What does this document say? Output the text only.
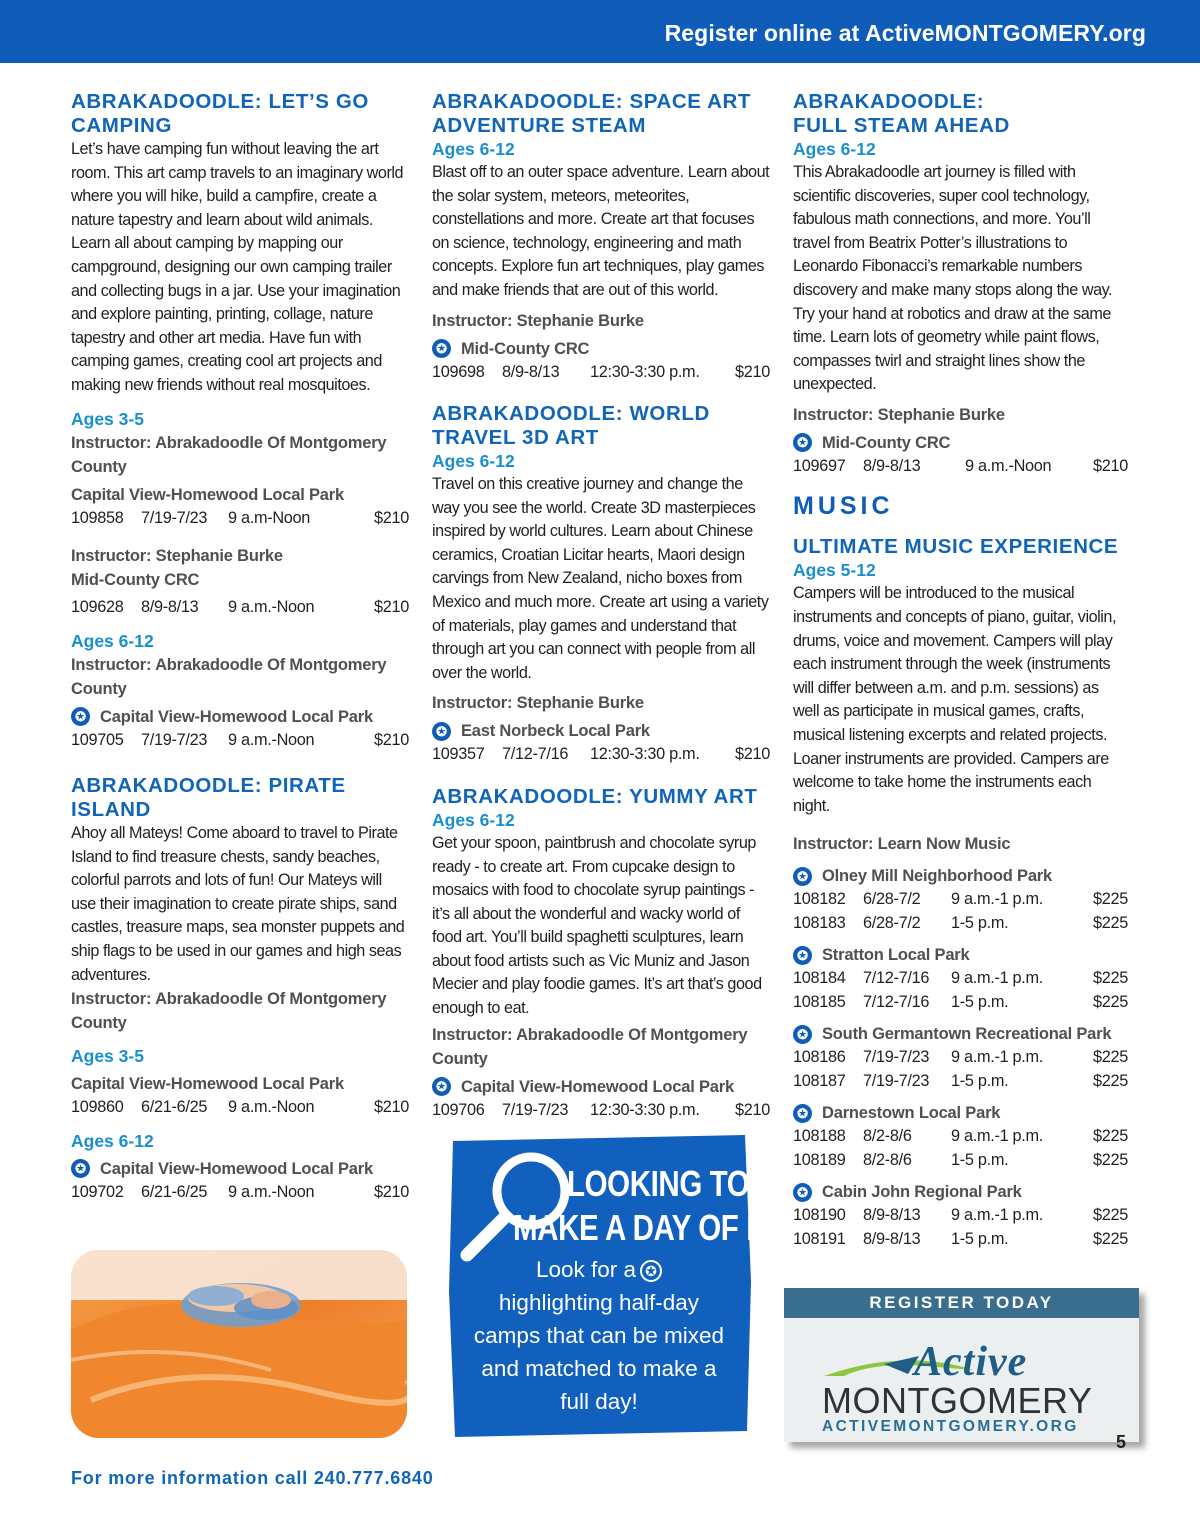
Register online at ActiveMONTGOMERY.org
ABRAKADOODLE: LET’S GO CAMPING
Let’s have camping fun without leaving the art room. This art camp travels to an imaginary world where you will hike, build a campfire, create a nature tapestry and learn about wild animals. Learn all about camping by mapping our campground, designing our own camping trailer and collecting bugs in a jar. Use your imagination and explore painting, printing, collage, nature tapestry and other art media. Have fun with camping games, creating cool art projects and making new friends without real mosquitoes.
Ages 3-5
Instructor: Abrakadoodle Of Montgomery County
Capital View-Homewood Local Park
109858	7/19-7/23	9 a.m-Noon	$210
Instructor: Stephanie Burke
Mid-County CRC
109628	8/9-8/13	9 a.m.-Noon	$210
Ages 6-12
Instructor: Abrakadoodle Of Montgomery County
✪ Capital View-Homewood Local Park
109705	7/19-7/23	9 a.m.-Noon	$210
ABRAKADOODLE: PIRATE ISLAND
Ahoy all Mateys! Come aboard to travel to Pirate Island to find treasure chests, sandy beaches, colorful parrots and lots of fun! Our Mateys will use their imagination to create pirate ships, sand castles, treasure maps, sea monster puppets and ship flags to be used in our games and high seas adventures.
Instructor: Abrakadoodle Of Montgomery County
Ages 3-5
Capital View-Homewood Local Park
109860	6/21-6/25	9 a.m.-Noon	$210
Ages 6-12
✪ Capital View-Homewood Local Park
109702	6/21-6/25	9 a.m.-Noon	$210
ABRAKADOODLE: SPACE ART ADVENTURE STEAM
Ages 6-12
Blast off to an outer space adventure. Learn about the solar system, meteors, meteorites, constellations and more. Create art that focuses on science, technology, engineering and math concepts. Explore fun art techniques, play games and make friends that are out of this world.
Instructor: Stephanie Burke
✪ Mid-County CRC
109698	8/9-8/13	12:30-3:30 p.m.	$210
ABRAKADOODLE: WORLD TRAVEL 3D ART
Ages 6-12
Travel on this creative journey and change the way you see the world. Create 3D masterpieces inspired by world cultures. Learn about Chinese ceramics, Croatian Licitar hearts, Maori design carvings from New Zealand, nicho boxes from Mexico and much more. Create art using a variety of materials, play games and understand that through art you can connect with people from all over the world.
Instructor: Stephanie Burke
✪ East Norbeck Local Park
109357	7/12-7/16	12:30-3:30 p.m.	$210
ABRAKADOODLE: YUMMY ART
Ages 6-12
Get your spoon, paintbrush and chocolate syrup ready - to create art. From cupcake design to mosaics with food to chocolate syrup paintings - it’s all about the wonderful and wacky world of food art. You’ll build spaghetti sculptures, learn about food artists such as Vic Muniz and Jason Mecier and play foodie games. It’s art that’s good enough to eat.
Instructor: Abrakadoodle Of Montgomery County
✪ Capital View-Homewood Local Park
109706	7/19-7/23	12:30-3:30 p.m.	$210
ABRAKADOODLE: FULL STEAM AHEAD
Ages 6-12
This Abrakadoodle art journey is filled with scientific discoveries, super cool technology, fabulous math connections, and more. You’ll travel from Beatrix Potter’s illustrations to Leonardo Fibonacci’s remarkable numbers discovery and make many stops along the way. Try your hand at robotics and draw at the same time. Learn lots of geometry while paint flows, compasses twirl and straight lines show the unexpected.
Instructor: Stephanie Burke
✪ Mid-County CRC
109697	8/9-8/13	9 a.m.-Noon	$210
MUSIC
ULTIMATE MUSIC EXPERIENCE
Ages 5-12
Campers will be introduced to the musical instruments and concepts of piano, guitar, violin, drums, voice and movement. Campers will play each instrument through the week (instruments will differ between a.m. and p.m. sessions) as well as participate in musical games, crafts, musical listening excerpts and related projects. Loaner instruments are provided. Campers are welcome to take home the instruments each night.
Instructor: Learn Now Music
✪ Olney Mill Neighborhood Park
108182	6/28-7/2	9 a.m.-1 p.m.	$225
108183	6/28-7/2	1-5 p.m.	$225
✪ Stratton Local Park
108184	7/12-7/16	9 a.m.-1 p.m.	$225
108185	7/12-7/16	1-5 p.m.	$225
✪ South Germantown Recreational Park
108186	7/19-7/23	9 a.m.-1 p.m.	$225
108187	7/19-7/23	1-5 p.m.	$225
✪ Darnestown Local Park
108188	8/2-8/6	9 a.m.-1 p.m.	$225
108189	8/2-8/6	1-5 p.m.	$225
✪ Cabin John Regional Park
108190	8/9-8/13	9 a.m.-1 p.m.	$225
108191	8/9-8/13	1-5 p.m.	$225
LOOKING TO
MAKE A DAY OF IT?
Look for a ✪
highlighting half-day camps that can be mixed and matched to make a full day!
REGISTER TODAY
Active
MONTGOMERY
ACTIVEMONTGOMERY.ORG
For more information call 240.777.6840
5
